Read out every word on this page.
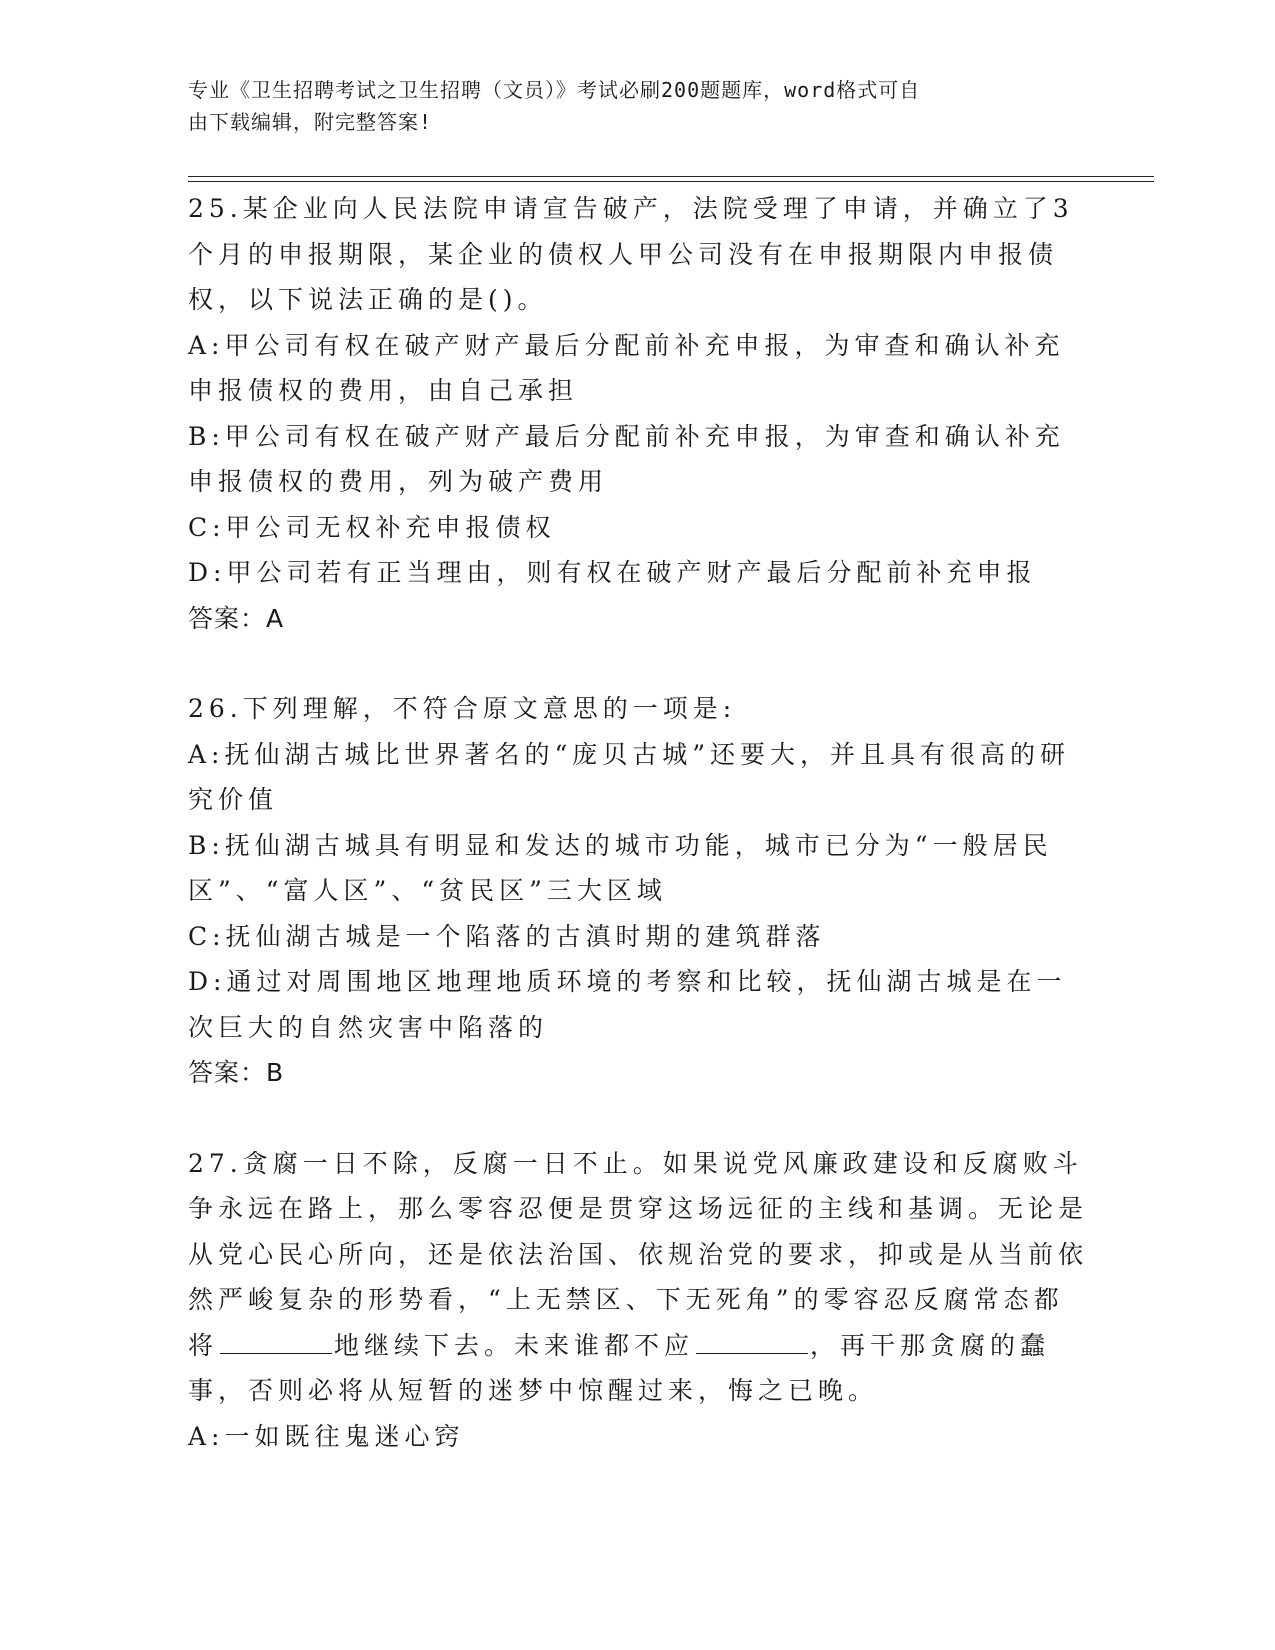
专业《卫生招聘考试之卫生招聘（文员）》考试必刷200题题库，word格式可自
由下载编辑，附完整答案!

25.某企业向人民法院申请宣告破产，法院受理了申请，并确立了3个月的申报期限，某企业的债权人甲公司没有在申报期限内申报债权，以下说法正确的是()。

A:甲公司有权在破产财产最后分配前补充申报，为审查和确认补充申报债权的费用，由自己承担

B:甲公司有权在破产财产最后分配前补充申报，为审查和确认补充申报债权的费用，列为破产费用

C:甲公司无权补充申报债权

D:甲公司若有正当理由，则有权在破产财产最后分配前补充申报

答案：A

26.下列理解，不符合原文意思的一项是:

A:抚仙湖古城比世界著名的“庞贝古城”还要大，并且具有很高的研究价值

B:抚仙湖古城具有明显和发达的城市功能，城市已分为“一般居民区”、“富人区”、“贫民区”三大区域

C:抚仙湖古城是一个陷落的古滇时期的建筑群落

D:通过对周围地区地理地质环境的考察和比较，抚仙湖古城是在一次巨大的自然灾害中陷落的

答案：B

27.贪腐一日不除，反腐一日不止。如果说党风廉政建设和反腐败斗争永远在路上，那么零容忍便是贯穿这场远征的主线和基调。无论是从党心民心所向，还是依法治国、依规治党的要求，抑或是从当前依然严峻复杂的形势看，“上无禁区、下无死角”的零容忍反腐常态都将	地继续下去。未来谁都不应	，再干那贪腐的蠢事，否则必将从短暂的迷梦中惊醒过来，悔之已晚。

A:一如既往鬼迷心窍
